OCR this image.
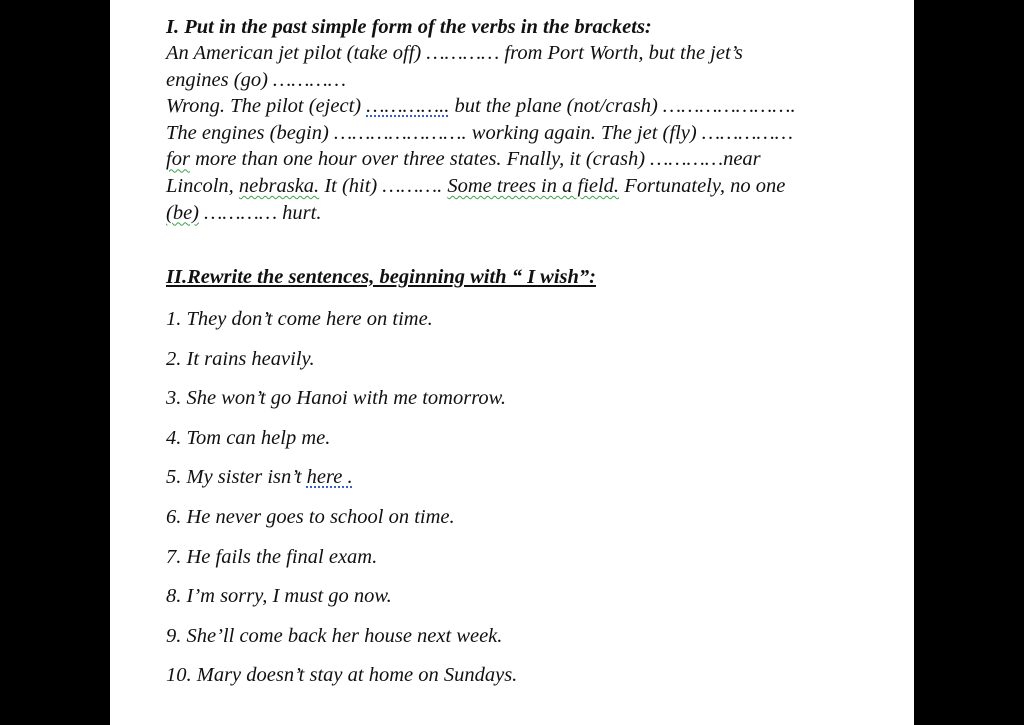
I. Put in the past simple form of the verbs in the brackets:

An American jet pilot (take off) ………… from Port Worth, but the jet’s
engines (go) …………
Wrong. The pilot (eject) ………….. but the plane (not/crash) ………………….
The engines (begin) …………………. working again. The jet (fly) ……………
for more than one hour over three states. Fnally, it (crash) …………near
Lincoln, nebraska. It (hit) ………. Some trees in a field. Fortunately, no one
(be) ………… hurt.

II.Rewrite the sentences, beginning with “ I wish”:

1. They don’t come here on time.
2. It rains heavily.
3. She won’t go Hanoi with me tomorrow.
4. Tom can help me.
5. My sister isn’t here .
6. He never goes to school on time.
7. He fails the final exam.
8. I’m sorry, I must go now.
9. She’ll come back her house next week.
10. Mary doesn’t stay at home on Sundays.
